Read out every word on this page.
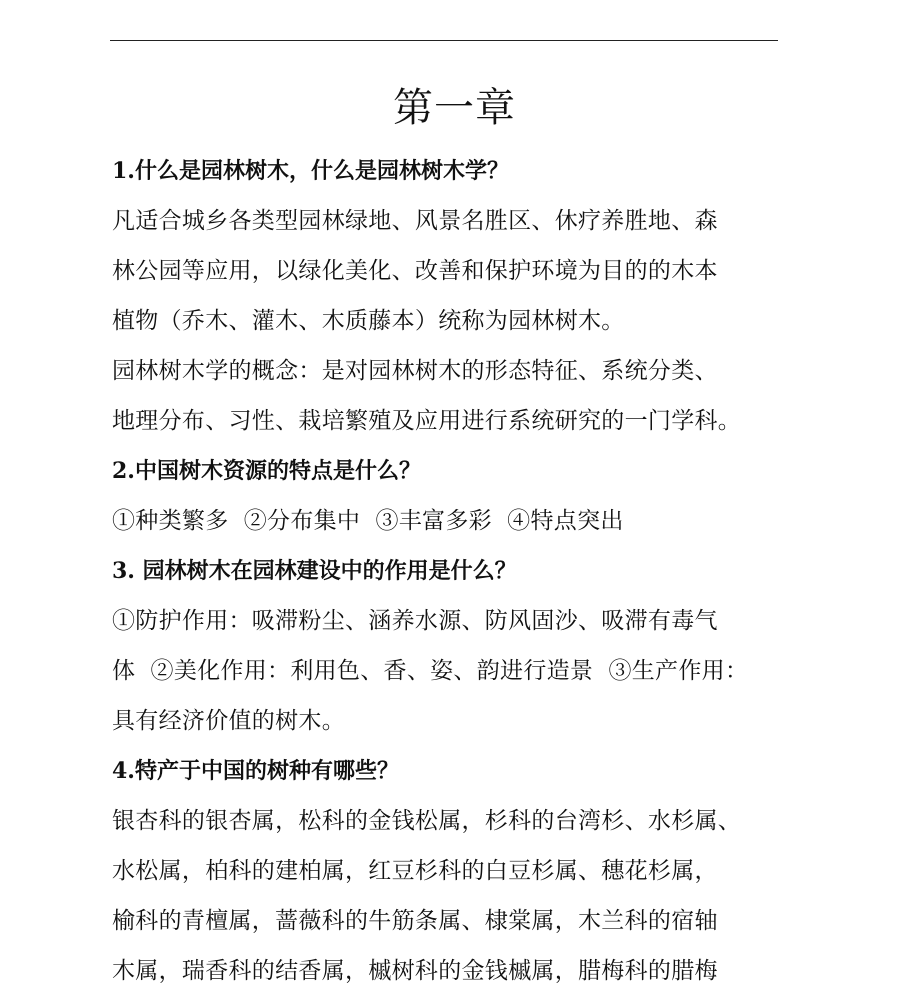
第一章
1.什么是园林树木，什么是园林树木学？
凡适合城乡各类型园林绿地、风景名胜区、休疗养胜地、森
林公园等应用，以绿化美化、改善和保护环境为目的的木本
植物（乔木、灌木、木质藤本）统称为园林树木。
园林树木学的概念：是对园林树木的形态特征、系统分类、
地理分布、习性、栽培繁殖及应用进行系统研究的一门学科。
2.中国树木资源的特点是什么？
①种类繁多  ②分布集中  ③丰富多彩  ④特点突出
3. 园林树木在园林建设中的作用是什么？
①防护作用：吸滞粉尘、涵养水源、防风固沙、吸滞有毒气
体  ②美化作用：利用色、香、姿、韵进行造景  ③生产作用：
具有经济价值的树木。
4.特产于中国的树种有哪些？
银杏科的银杏属，松科的金钱松属，杉科的台湾杉、水杉属、
水松属，柏科的建柏属，红豆杉科的白豆杉属、穗花杉属，
榆科的青檀属，蔷薇科的牛筋条属、棣棠属，木兰科的宿轴
木属，瑞香科的结香属，槭树科的金钱槭属，腊梅科的腊梅
